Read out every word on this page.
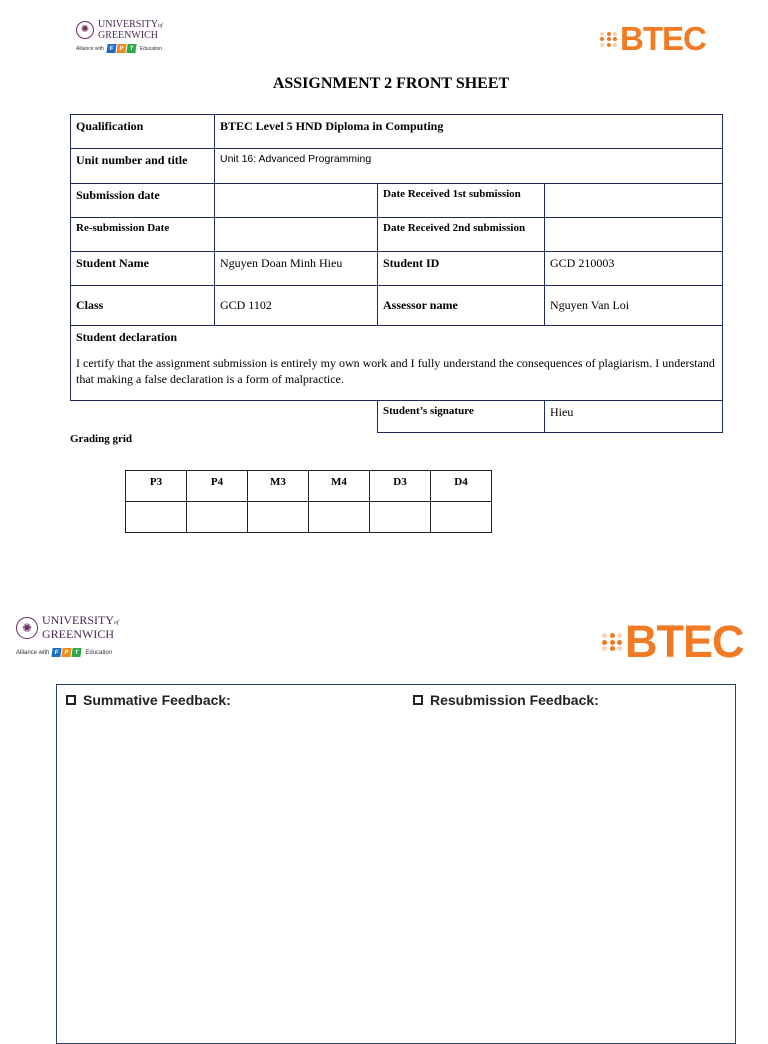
✺ UNIVERSITYof
GREENWICH
Alliance with F P T	Education	BTEC
ASSIGNMENT 2 FRONT SHEET
Qualification	BTEC Level 5 HND Diploma in Computing		
Unit number and title	Unit 16: Advanced Programming		
Submission date		Date Received 1st submission	
Re-submission Date		Date Received 2nd submission	
Student Name	Nguyen Doan Minh Hieu	Student ID	GCD 210003
Class	GCD 1102	Assessor name	Nguyen Van Loi

Student declaration
I certify that the assignment submission is entirely my own work and I fully understand the consequences of plagiarism. I understand that making a false declaration is a form of malpractice.			

		Student’s signature	Hieu
Grading grid
P3	P4	M3	M4	D3	D4

✺
UNIVERSITYof
GREENWICH
Alliance with F P T	Education	BTEC
Summative Feedback:	Resubmission Feedback:
